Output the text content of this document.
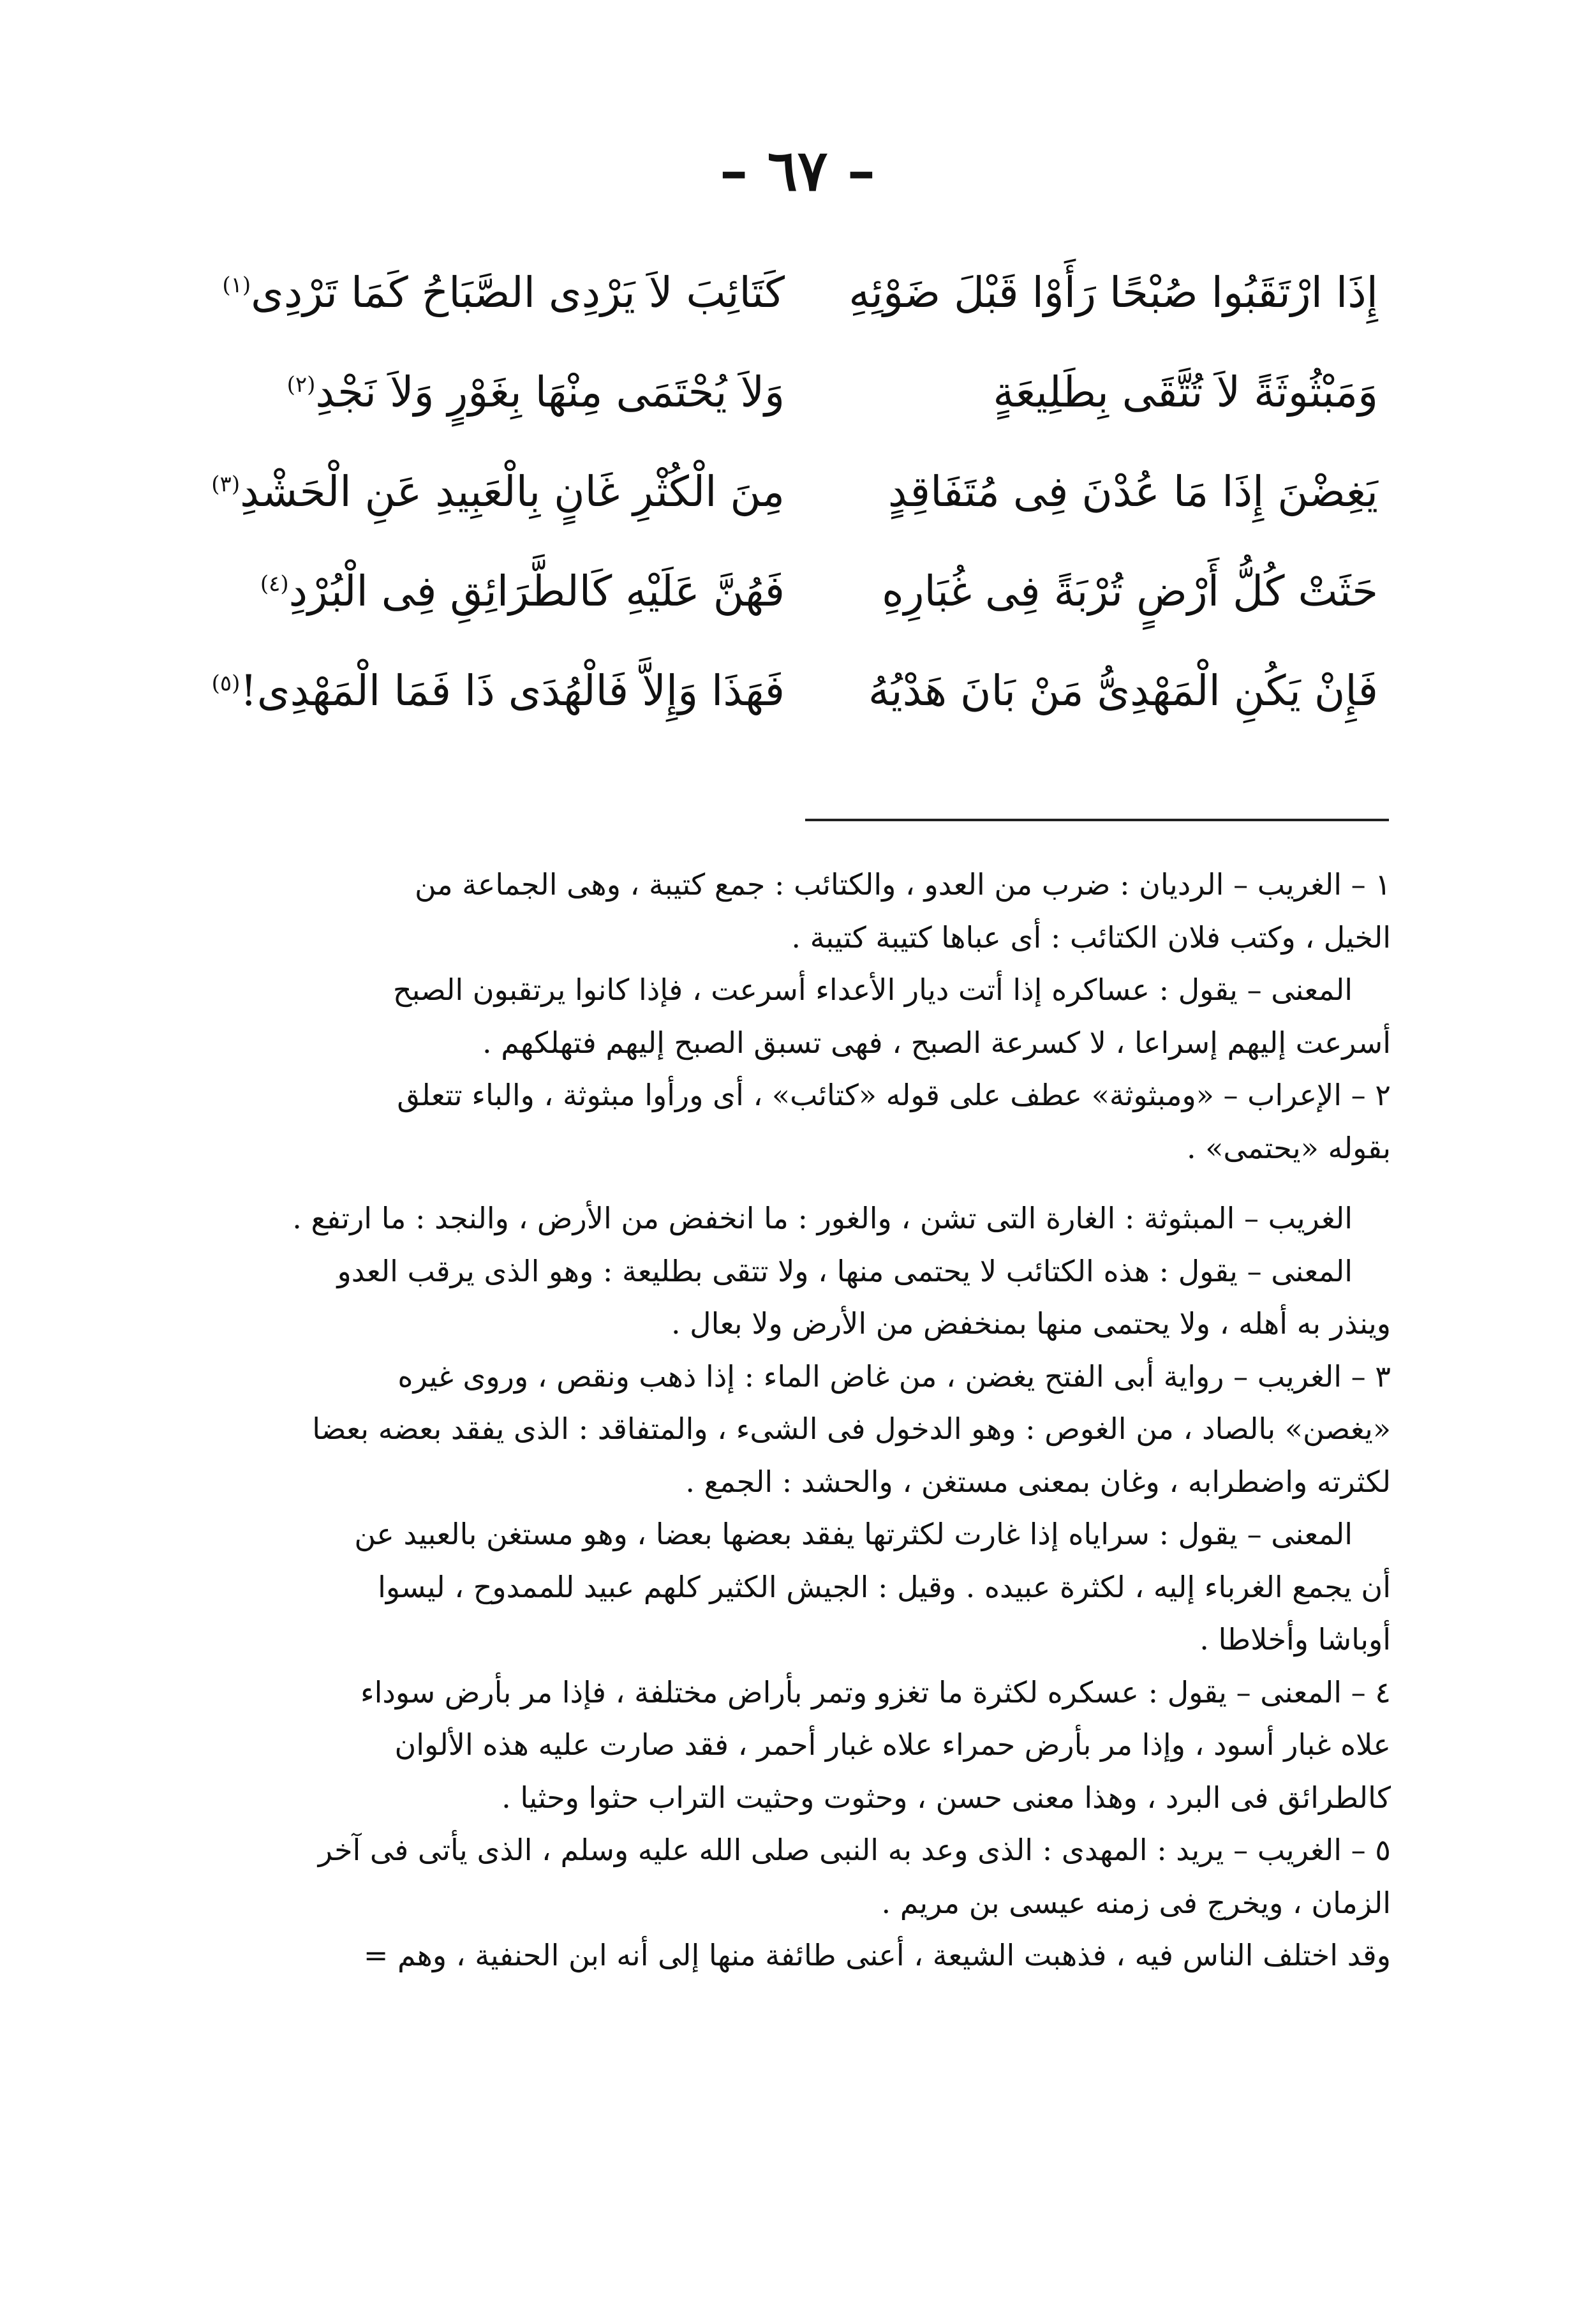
– ٦٧ –
إِذَا ارْتَقَبُوا صُبْحًا رَأَوْا قَبْلَ ضَوْئِهِ
كَتَائِبَ لاَ يَرْدِى الصَّبَاحُ كَمَا تَرْدِى$^{(١)}$
وَمَبْثُوثَةً لاَ تُتَّقَى بِطَلِيعَةٍ
وَلاَ يُحْتَمَى مِنْهَا بِغَوْرٍ وَلاَ نَجْدِ$^{(٢)}$
يَغِضْنَ إِذَا مَا عُدْنَ فِى مُتَفَاقِدٍ
مِنَ الْكُثْرِ غَانٍ بِالْعَبِيدِ عَنِ الْحَشْدِ$^{(٣)}$
حَثَتْ كُلُّ أَرْضٍ تُرْبَةً فِى غُبَارِهِ
فَهُنَّ عَلَيْهِ كَالطَّرَائِقِ فِى الْبُرْدِ$^{(٤)}$
فَإِنْ يَكُنِ الْمَهْدِىُّ مَنْ بَانَ هَدْيُهُ
فَهَذَا وَإِلاَّ فَالْهُدَى ذَا فَمَا الْمَهْدِى!$^{(٥)}$
١ – الغريب – الرديان : ضرب من العدو ، والكتائب : جمع كتيبة ، وهى الجماعة من
الخيل ، وكتب فلان الكتائب : أى عباها كتيبة كتيبة .
المعنى – يقول : عساكره إذا أتت ديار الأعداء أسرعت ، فإذا كانوا يرتقبون الصبح
أسرعت إليهم إسراعا ، لا كسرعة الصبح ، فهى تسبق الصبح إليهم فتهلكهم .
٢ – الإعراب – «ومبثوثة» عطف على قوله «كتائب» ، أى ورأوا مبثوثة ، والباء تتعلق
بقوله «يحتمى» .
الغريب – المبثوثة : الغارة التى تشن ، والغور : ما انخفض من الأرض ، والنجد : ما ارتفع .
المعنى – يقول : هذه الكتائب لا يحتمى منها ، ولا تتقى بطليعة : وهو الذى يرقب العدو
وينذر به أهله ، ولا يحتمى منها بمنخفض من الأرض ولا بعال .
٣ – الغريب – رواية أبى الفتح يغضن ، من غاض الماء : إذا ذهب ونقص ، وروى غيره
«يغصن» بالصاد ، من الغوص : وهو الدخول فى الشىء ، والمتفاقد : الذى يفقد بعضه بعضا
لكثرته واضطرابه ، وغان بمعنى مستغن ، والحشد : الجمع .
المعنى – يقول : سراياه إذا غارت لكثرتها يفقد بعضها بعضا ، وهو مستغن بالعبيد عن
أن يجمع الغرباء إليه ، لكثرة عبيده . وقيل : الجيش الكثير كلهم عبيد للممدوح ، ليسوا
أوباشا وأخلاطا .
٤ – المعنى – يقول : عسكره لكثرة ما تغزو وتمر بأراض مختلفة ، فإذا مر بأرض سوداء
علاه غبار أسود ، وإذا مر بأرض حمراء علاه غبار أحمر ، فقد صارت عليه هذه الألوان
كالطرائق فى البرد ، وهذا معنى حسن ، وحثوت وحثيت التراب حثوا وحثيا .
٥ – الغريب – يريد : المهدى : الذى وعد به النبى صلى الله عليه وسلم ، الذى يأتى فى آخر
الزمان ، ويخرج فى زمنه عيسى بن مريم .
وقد اختلف الناس فيه ، فذهبت الشيعة ، أعنى طائفة منها إلى أنه ابن الحنفية ، وهم =
